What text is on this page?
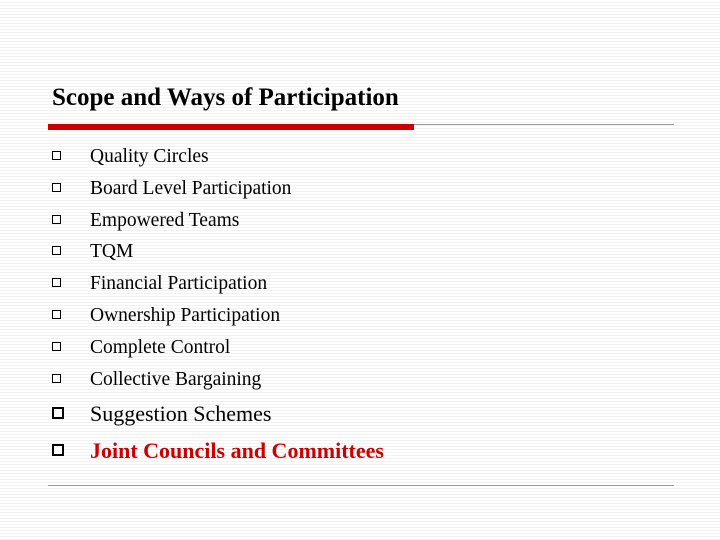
Scope and Ways of Participation
Quality Circles
Board Level Participation
Empowered Teams
TQM
Financial Participation
Ownership Participation
Complete Control
Collective Bargaining
Suggestion Schemes
Joint Councils and Committees
